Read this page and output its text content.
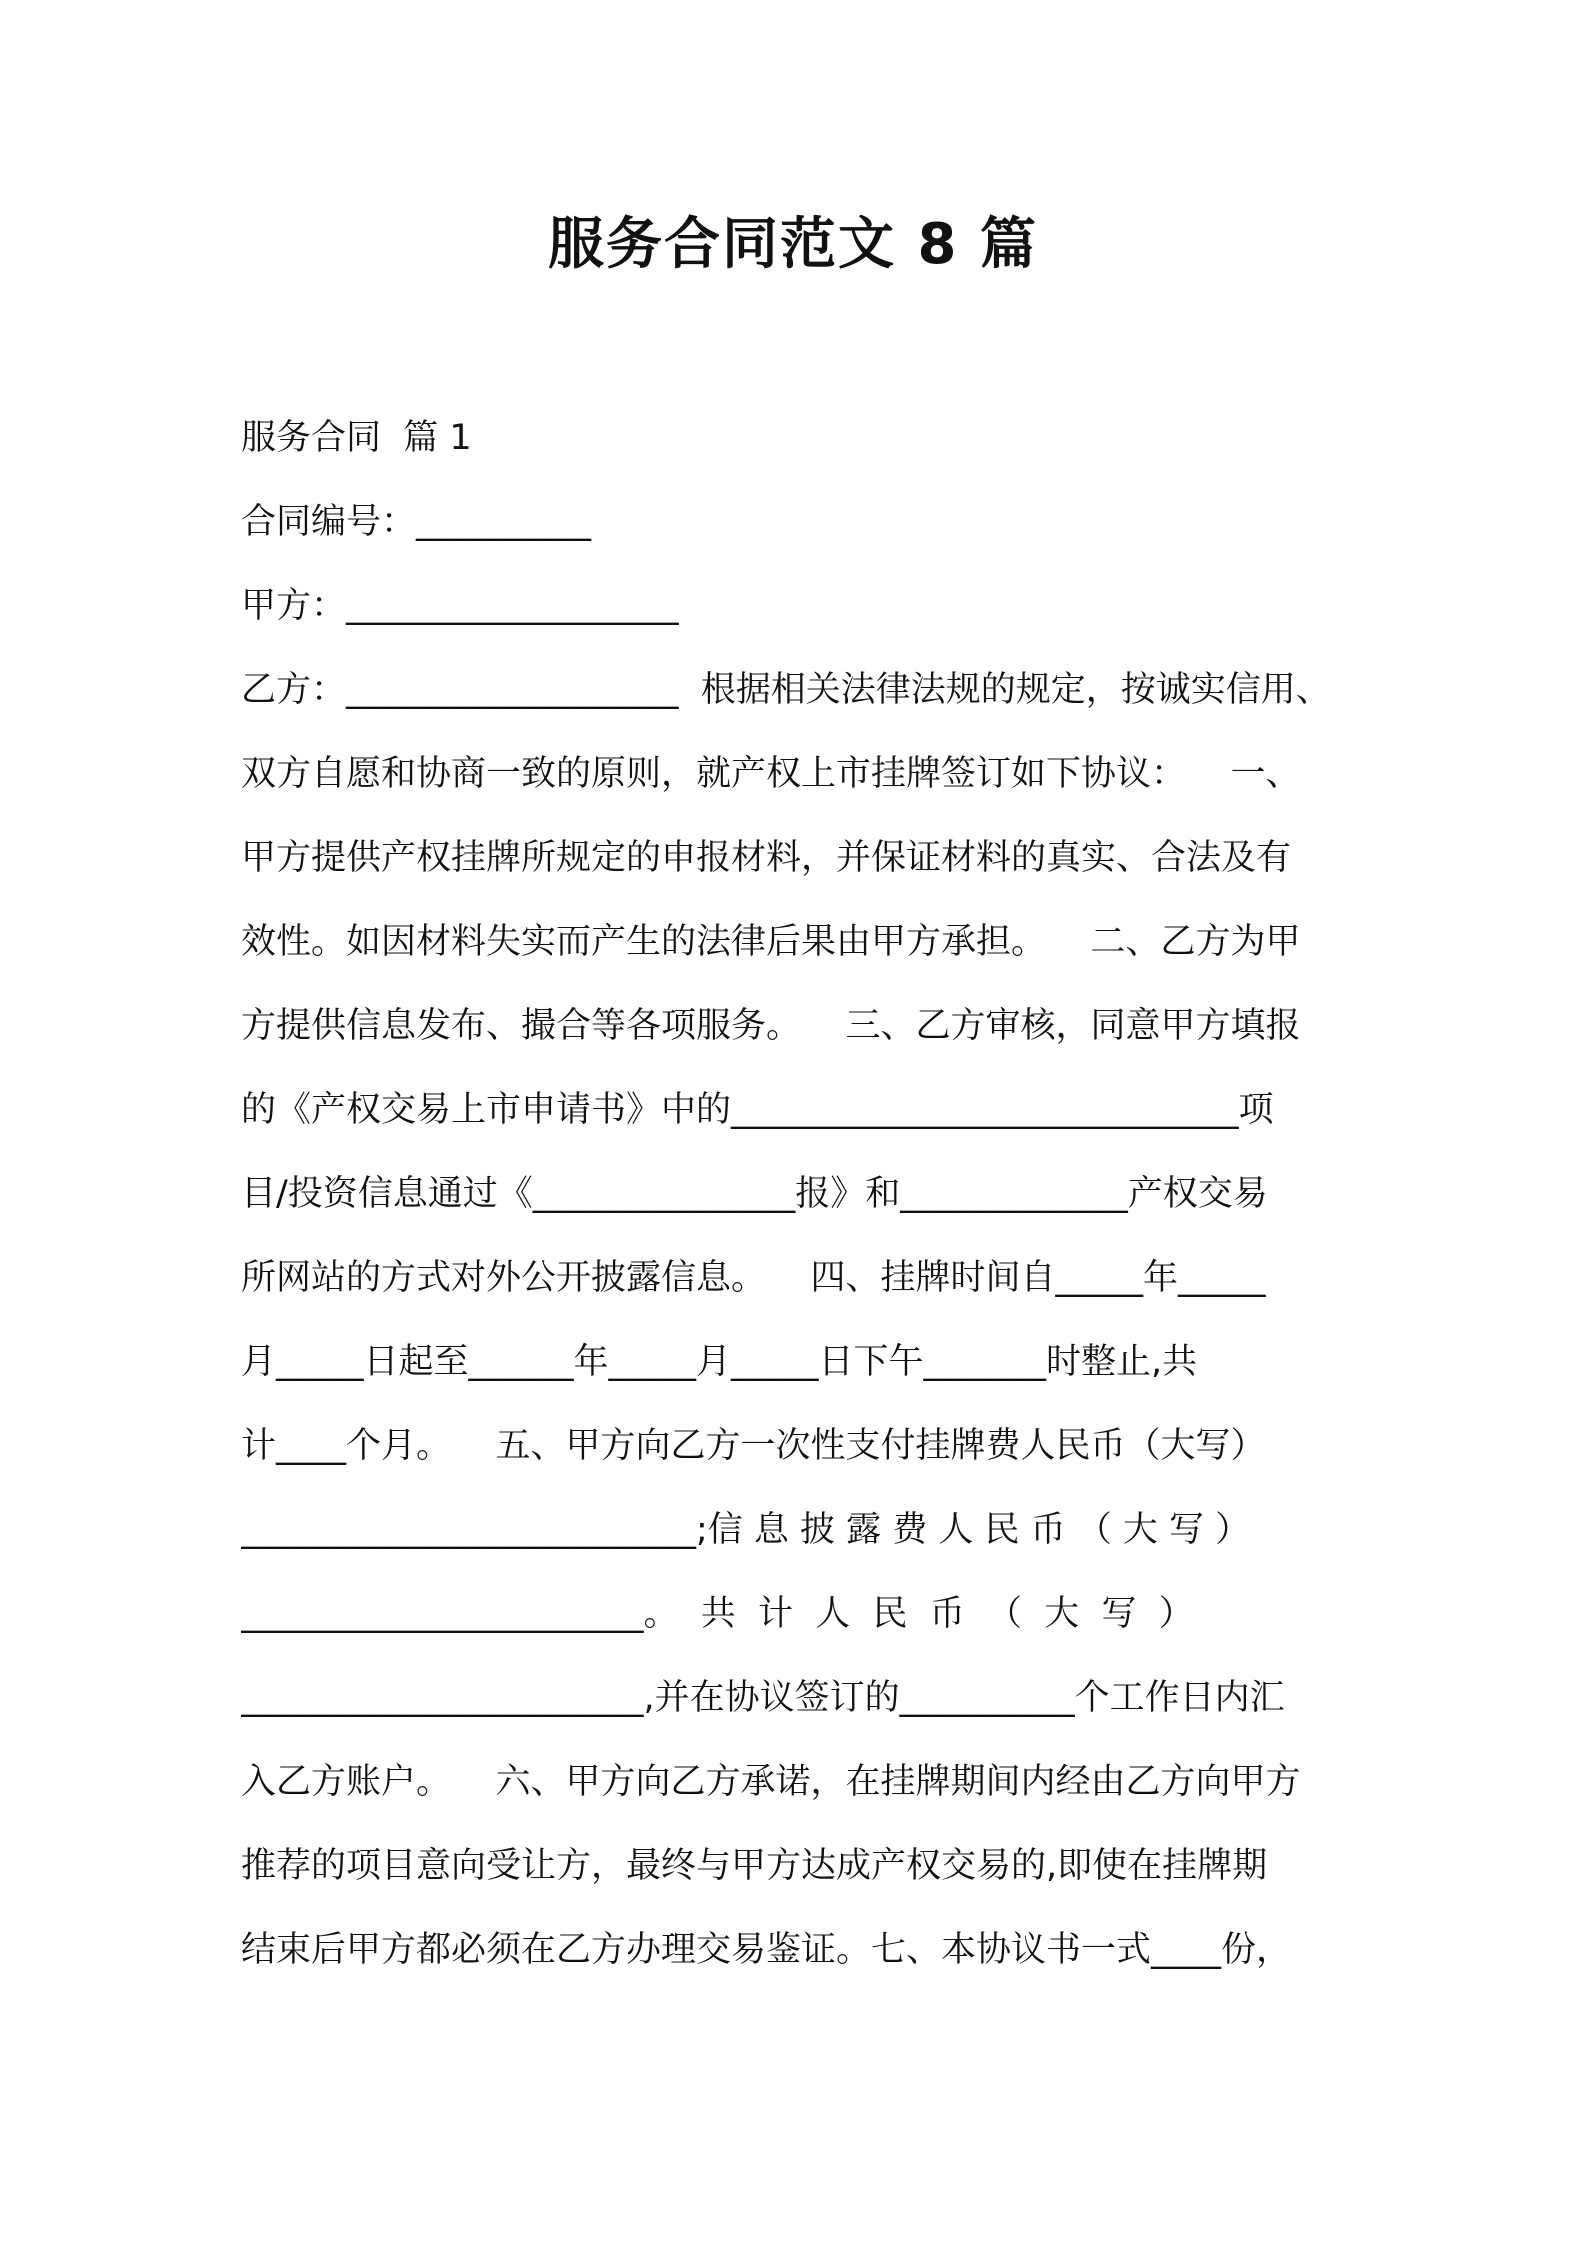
服务合同范文 8 篇
服务合同  篇 1
合同编号：__________
甲方：___________________
乙方：___________________  根据相关法律法规的规定，按诚实信用、
双方自愿和协商一致的原则，就产权上市挂牌签订如下协议：    一、
甲方提供产权挂牌所规定的申报材料，并保证材料的真实、合法及有
效性。如因材料失实而产生的法律后果由甲方承担。    二、乙方为甲
方提供信息发布、撮合等各项服务。    三、乙方审核，同意甲方填报
的《产权交易上市申请书》中的_____________________________项
目/投资信息通过《_______________报》和_____________产权交易
所网站的方式对外公开披露信息。    四、挂牌时间自_____年_____
月_____日起至______年_____月_____日下午_______时整止,共
计____个月。    五、甲方向乙方一次性支付挂牌费人民币（大写）
__________________________;信 息 披 露 费 人 民 币 （ 大 写 ）
_______________________。  共  计  人  民  币  （  大  写  ）
_______________________,并在协议签订的__________个工作日内汇
入乙方账户。    六、甲方向乙方承诺，在挂牌期间内经由乙方向甲方
推荐的项目意向受让方，最终与甲方达成产权交易的,即使在挂牌期
结束后甲方都必须在乙方办理交易鉴证。七、本协议书一式____份，
